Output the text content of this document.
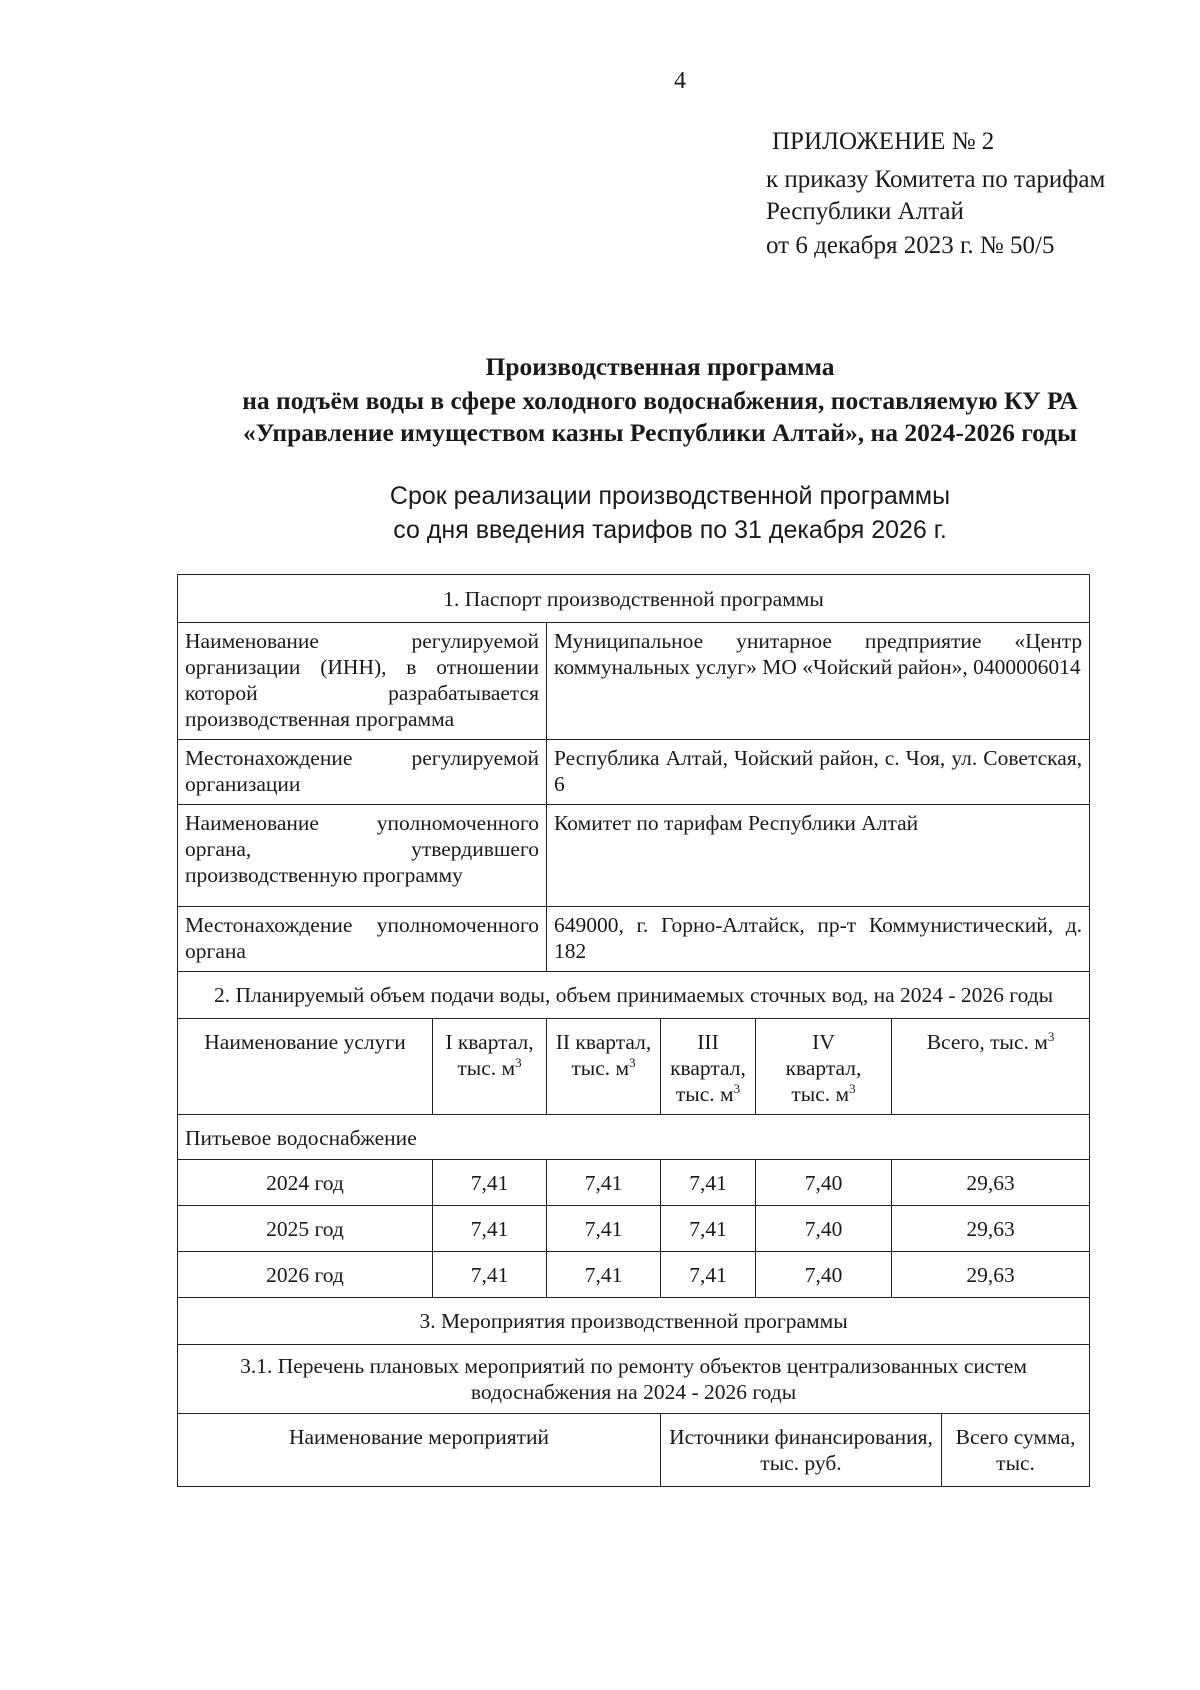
4
ПРИЛОЖЕНИЕ № 2
к приказу Комитета по тарифам
Республики Алтай
от 6 декабря 2023 г. № 50/5
Производственная программа
на подъём воды в сфере холодного водоснабжения, поставляемую КУ РА
«Управление имуществом казны Республики Алтай», на 2024-2026 годы
Срок реализации производственной программы
со дня введения тарифов по 31 декабря 2026 г.
1. Паспорт производственной программы						
Наименование регулируемой организации (ИНН), в отношении которой разрабатывается производственная программа		Муниципальное унитарное предприятие «Центр коммунальных услуг» МО «Чойский район», 0400006014				
Местонахождение регулируемой организации		Республика Алтай, Чойский район, с. Чоя, ул. Советская, 6				
Наименование уполномоченного органа, утвердившего производственную программу		Комитет по тарифам Республики Алтай				
Местонахождение уполномоченного органа		649000, г. Горно-Алтайск, пр-т Коммунистический, д. 182				
2. Планируемый объем подачи воды, объем принимаемых сточных вод, на 2024 - 2026 годы						
Наименование услуги	I квартал, тыс. $м^3$	II квартал, тыс. $м^3$	III квартал, тыс. $м^3$	IV квартал, тыс. $м^3$	Всего, тыс. $м^3$
Питьевое водоснабжение						
2024 год	7,41	7,41	7,41	7,40	29,63	
2025 год	7,41	7,41	7,41	7,40	29,63	
2026 год	7,41	7,41	7,41	7,40	29,63	
3. Мероприятия производственной программы						
3.1. Перечень плановых мероприятий по ремонту объектов централизованных систем водоснабжения на 2024 - 2026 годы						
Наименование мероприятий			Источники финансирования, тыс. руб.			Всего сумма, тыс.
